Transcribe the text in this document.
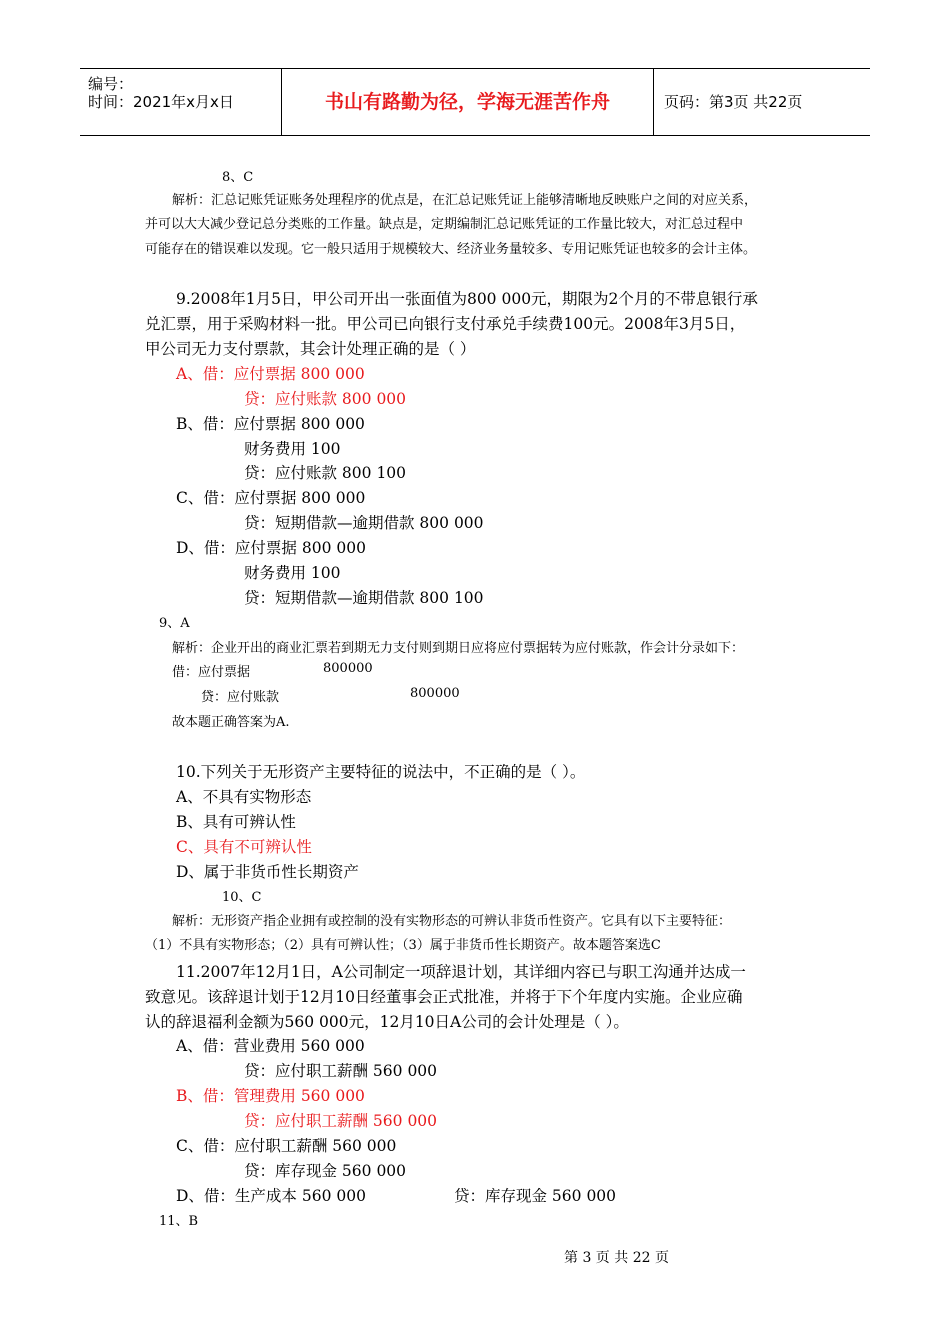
编号：
时间：2021年x月x日	书山有路勤为径，学海无涯苦作舟	页码：第3页 共22页
8、C
解析：汇总记账凭证账务处理程序的优点是，在汇总记账凭证上能够清晰地反映账户之间的对应关系，
并可以大大减少登记总分类账的工作量。缺点是，定期编制汇总记账凭证的工作量比较大，对汇总过程中
可能存在的错误难以发现。它一般只适用于规模较大、经济业务量较多、专用记账凭证也较多的会计主体。
9.2008年1月5日，甲公司开出一张面值为800 000元，期限为2个月的不带息银行承
兑汇票，用于采购材料一批。甲公司已向银行支付承兑手续费100元。2008年3月5日，
甲公司无力支付票款，其会计处理正确的是（ ）
A、借：应付票据 800 000
贷：应付账款 800 000
B、借：应付票据 800 000
财务费用 100
贷：应付账款 800 100
C、借：应付票据 800 000
贷：短期借款—逾期借款 800 000
D、借：应付票据 800 000
财务费用 100
贷：短期借款—逾期借款 800 100
9、A
解析：企业开出的商业汇票若到期无力支付则到期日应将应付票据转为应付账款，作会计分录如下：
借：应付票据	800000
贷：应付账款	800000
故本题正确答案为A.
10.下列关于无形资产主要特征的说法中，不正确的是（ ）。
A、不具有实物形态
B、具有可辨认性
C、具有不可辨认性
D、属于非货币性长期资产
10、C
解析：无形资产指企业拥有或控制的没有实物形态的可辨认非货币性资产。它具有以下主要特征：
（1）不具有实物形态；（2）具有可辨认性；（3）属于非货币性长期资产。故本题答案选C
11.2007年12月1日，A公司制定一项辞退计划，其详细内容已与职工沟通并达成一
致意见。该辞退计划于12月10日经董事会正式批准，并将于下个年度内实施。企业应确
认的辞退福利金额为560 000元，12月10日A公司的会计处理是（ ）。
A、借：营业费用 560 000
贷：应付职工薪酬 560 000
B、借：管理费用 560 000
贷：应付职工薪酬 560 000
C、借：应付职工薪酬 560 000
贷：库存现金 560 000
D、借：生产成本 560 000	贷：库存现金 560 000
11、B
第 3 页 共 22 页
